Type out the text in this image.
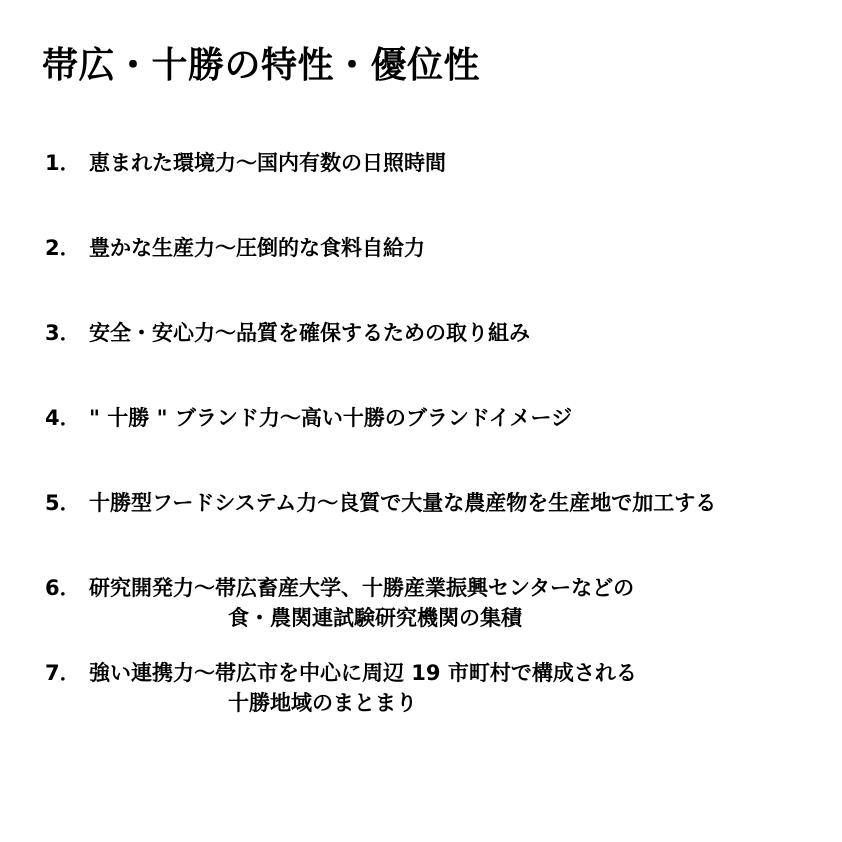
帯広・十勝の特性・優位性
1． 恵まれた環境力～国内有数の日照時間
2． 豊かな生産力～圧倒的な食料自給力
3． 安全・安心力～品質を確保するための取り組み
4． " 十勝 " ブランド力～高い十勝のブランドイメージ
5． 十勝型フードシステム力～良質で大量な農産物を生産地で加工する
6． 研究開発力～帯広畜産大学、十勝産業振興センターなどの
食・農関連試験研究機関の集積
7． 強い連携力～帯広市を中心に周辺 19 市町村で構成される
十勝地域のまとまり
